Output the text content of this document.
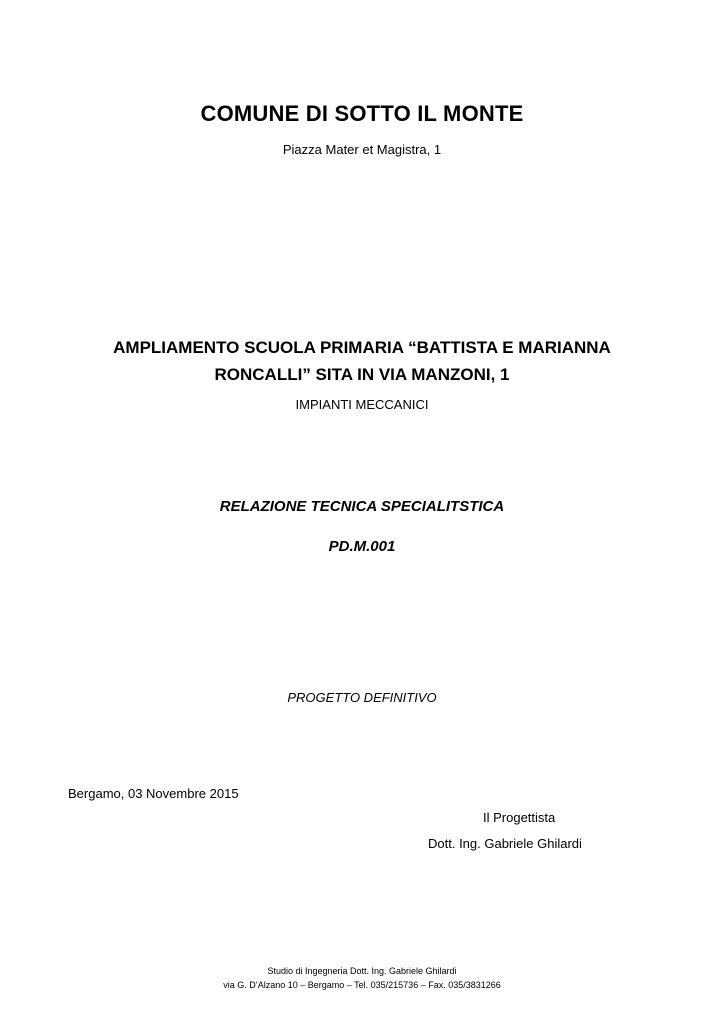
COMUNE DI SOTTO IL MONTE
Piazza Mater et Magistra, 1
AMPLIAMENTO SCUOLA PRIMARIA “BATTISTA E MARIANNA
RONCALLI” SITA IN VIA MANZONI, 1
IMPIANTI MECCANICI
RELAZIONE TECNICA SPECIALITSTICA
PD.M.001
PROGETTO DEFINITIVO
Bergamo, 03 Novembre 2015
Il Progettista
Dott. Ing. Gabriele Ghilardi
Studio di Ingegneria Dott. Ing. Gabriele Ghilardi
via G. D’Alzano 10 – Bergamo – Tel. 035/215736 – Fax. 035/3831266
